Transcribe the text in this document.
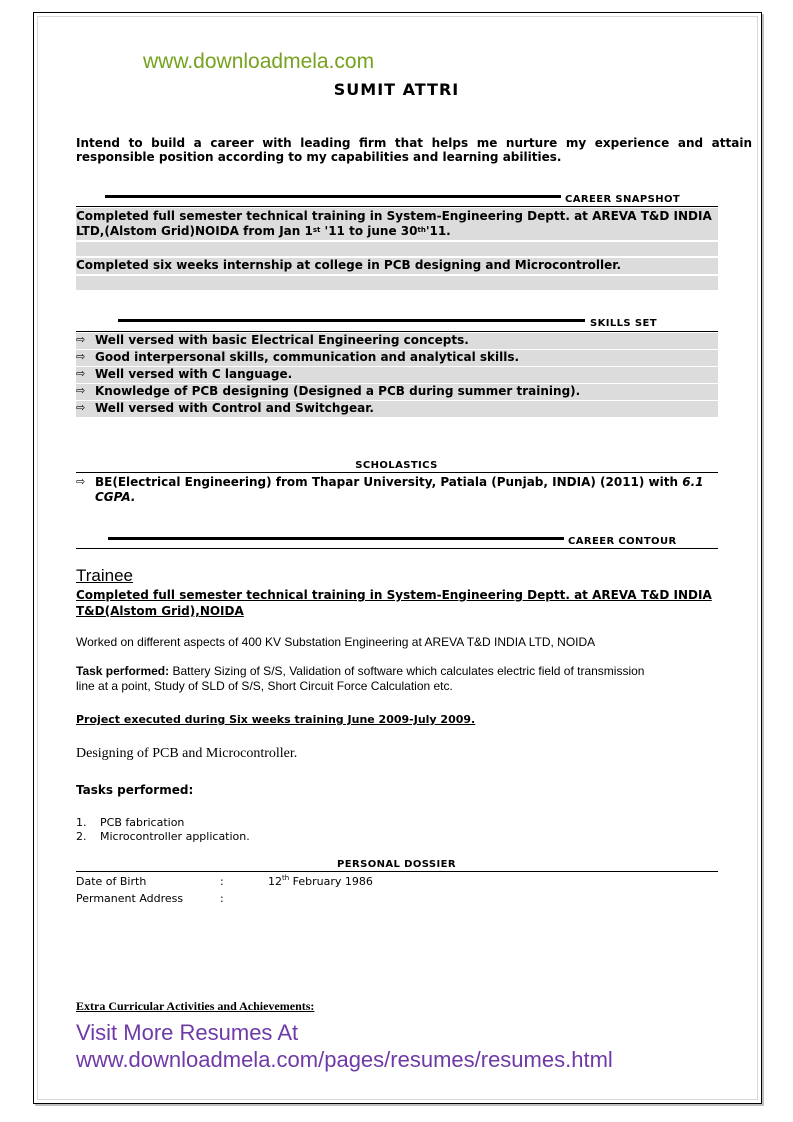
www.downloadmela.com
SUMIT ATTRI
Intend to build a career with leading firm that helps me nurture my experience and attain responsible position according to my capabilities and learning abilities.
CAREER SNAPSHOT
Completed full semester technical training in System-Engineering Deptt. at AREVA T&D INDIA
LTD,(Alstom Grid)NOIDA from Jan 1st '11 to june 30th'11.
Completed six weeks internship at college in PCB designing and Microcontroller.
SKILLS SET
⇨ Well versed with basic Electrical Engineering concepts.
⇨ Good interpersonal skills, communication and analytical skills.
⇨ Well versed with C language.
⇨ Knowledge of PCB designing (Designed a PCB during summer training).
⇨ Well versed with Control and Switchgear.
SCHOLASTICS
⇨ BE(Electrical Engineering) from Thapar University, Patiala (Punjab, INDIA) (2011) with 6.1
CGPA.
CAREER CONTOUR
Trainee
Completed full semester technical training in System-Engineering Deptt. at AREVA T&D INDIA
T&D(Alstom Grid),NOIDA
Worked on different aspects of 400 KV Substation Engineering at AREVA T&D INDIA LTD, NOIDA
Task performed: Battery Sizing of S/S, Validation of software which calculates electric field of transmission
line at a point, Study of SLD of S/S, Short Circuit Force Calculation etc.
Project executed during Six weeks training June 2009-July 2009.
Designing of PCB and Microcontroller.
Tasks performed:
1. PCB fabrication
2. Microcontroller application.
PERSONAL DOSSIER
Date of Birth	:	12th February 1986
Permanent Address	:
Extra Curricular Activities and Achievements:
Visit More Resumes At
www.downloadmela.com/pages/resumes/resumes.html
